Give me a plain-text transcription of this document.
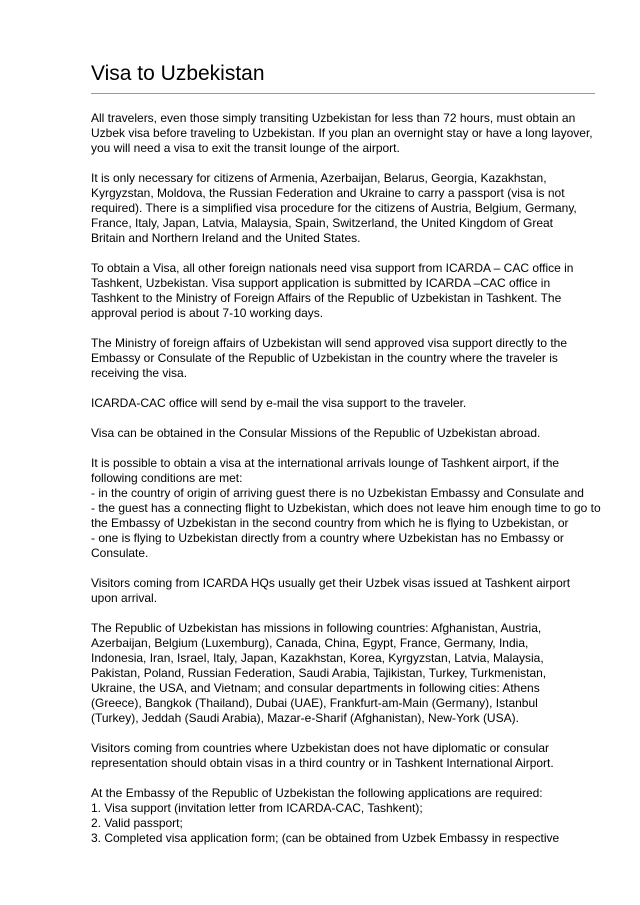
Visa to Uzbekistan

All travelers, even those simply transiting Uzbekistan for less than 72 hours, must obtain an
Uzbek visa before traveling to Uzbekistan. If you plan an overnight stay or have a long layover,
you will need a visa to exit the transit lounge of the airport.

It is only necessary for citizens of Armenia, Azerbaijan, Belarus, Georgia, Kazakhstan,
Kyrgyzstan, Moldova, the Russian Federation and Ukraine to carry a passport (visa is not
required). There is a simplified visa procedure for the citizens of Austria, Belgium, Germany,
France, Italy, Japan, Latvia, Malaysia, Spain, Switzerland, the United Kingdom of Great
Britain and Northern Ireland and the United States.

To obtain a Visa, all other foreign nationals need visa support from ICARDA – CAC office in
Tashkent, Uzbekistan. Visa support application is submitted by ICARDA –CAC office in
Tashkent to the Ministry of Foreign Affairs of the Republic of Uzbekistan in Tashkent. The
approval period is about 7-10 working days.

The Ministry of foreign affairs of Uzbekistan will send approved visa support directly to the
Embassy or Consulate of the Republic of Uzbekistan in the country where the traveler is
receiving the visa.

ICARDA-CAC office will send by e-mail the visa support to the traveler.

Visa can be obtained in the Consular Missions of the Republic of Uzbekistan abroad.

It is possible to obtain a visa at the international arrivals lounge of Tashkent airport, if the
following conditions are met:
- in the country of origin of arriving guest there is no Uzbekistan Embassy and Consulate and
- the guest has a connecting flight to Uzbekistan, which does not leave him enough time to go to
the Embassy of Uzbekistan in the second country from which he is flying to Uzbekistan, or
- one is flying to Uzbekistan directly from a country where Uzbekistan has no Embassy or
Consulate.

Visitors coming from ICARDA HQs usually get their Uzbek visas issued at Tashkent airport
upon arrival.

The Republic of Uzbekistan has missions in following countries: Afghanistan, Austria,
Azerbaijan, Belgium (Luxemburg), Canada, China, Egypt, France, Germany, India,
Indonesia, Iran, Israel, Italy, Japan, Kazakhstan, Korea, Kyrgyzstan, Latvia, Malaysia,
Pakistan, Poland, Russian Federation, Saudi Arabia, Tajikistan, Turkey, Turkmenistan,
Ukraine, the USA, and Vietnam; and consular departments in following cities: Athens
(Greece), Bangkok (Thailand), Dubai (UAE), Frankfurt-am-Main (Germany), Istanbul
(Turkey), Jeddah (Saudi Arabia), Mazar-e-Sharif (Afghanistan), New-York (USA).

Visitors coming from countries where Uzbekistan does not have diplomatic or consular
representation should obtain visas in a third country or in Tashkent International Airport.

At the Embassy of the Republic of Uzbekistan the following applications are required:
1. Visa support (invitation letter from ICARDA-CAC, Tashkent);
2. Valid passport;
3. Completed visa application form; (can be obtained from Uzbek Embassy in respective
